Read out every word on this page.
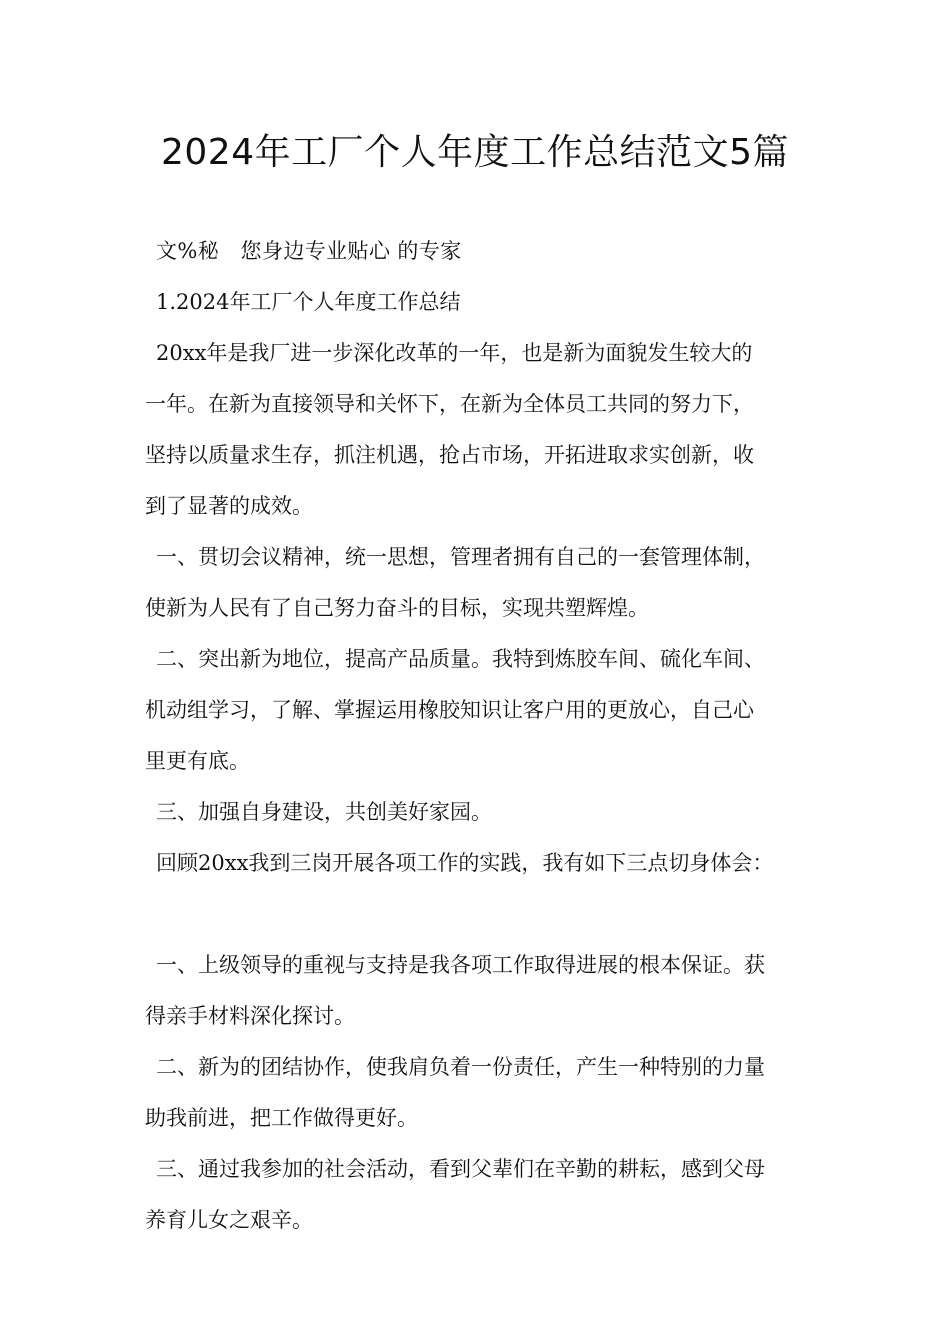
2024年工厂个人年度工作总结范文5篇

文%秘　您身边专业贴心 的专家

1.2024年工厂个人年度工作总结

20xx年是我厂进一步深化改革的一年，也是新为面貌发生较大的

一年。在新为直接领导和关怀下，在新为全体员工共同的努力下，

坚持以质量求生存，抓注机遇，抢占市场，开拓进取求实创新，收

到了显著的成效。

一、贯切会议精神，统一思想，管理者拥有自己的一套管理体制，

使新为人民有了自己努力奋斗的目标，实现共塑辉煌。

二、突出新为地位，提高产品质量。我特到炼胶车间、硫化车间、

机动组学习，了解、掌握运用橡胶知识让客户用的更放心，自己心

里更有底。

三、加强自身建设，共创美好家园。

回顾20xx我到三岗开展各项工作的实践，我有如下三点切身体会：

一、上级领导的重视与支持是我各项工作取得进展的根本保证。获

得亲手材料深化探讨。

二、新为的团结协作，使我肩负着一份责任，产生一种特别的力量

助我前进，把工作做得更好。

三、通过我参加的社会活动，看到父辈们在辛勤的耕耘，感到父母

养育儿女之艰辛。
